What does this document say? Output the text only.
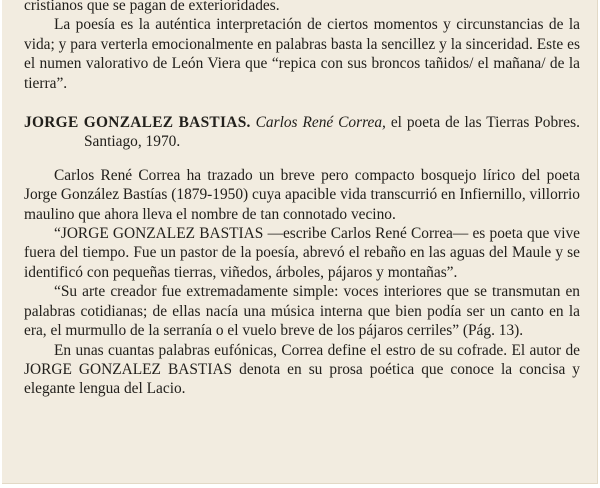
cristianos que se pagan de exterioridades.

La poesía es la auténtica interpretación de ciertos momentos y circunstancias de la vida; y para verterla emocionalmente en palabras basta la sencillez y la sinceridad. Este es el numen valorativo de León Viera que “repica con sus broncos tañidos/ el mañana/ de la tierra”.

JORGE GONZALEZ BASTIAS. Carlos René Correa, el poeta de las Tierras Pobres. Santiago, 1970.

Carlos René Correa ha trazado un breve pero compacto bosquejo lírico del poeta Jorge González Bastías (1879-1950) cuya apacible vida transcurrió en Infiernillo, villorrio maulino que ahora lleva el nombre de tan connotado vecino.

“JORGE GONZALEZ BASTIAS —escribe Carlos René Correa— es poeta que vive fuera del tiempo. Fue un pastor de la poesía, abrevó el rebaño en las aguas del Maule y se identificó con pequeñas tierras, viñedos, árboles, pájaros y montañas”.

“Su arte creador fue extremadamente simple: voces interiores que se transmutan en palabras cotidianas; de ellas nacía una música interna que bien podía ser un canto en la era, el murmullo de la serranía o el vuelo breve de los pájaros cerriles” (Pág. 13).

En unas cuantas palabras eufónicas, Correa define el estro de su cofrade. El autor de JORGE GONZALEZ BASTIAS denota en su prosa poética que conoce la concisa y elegante lengua del Lacio.
